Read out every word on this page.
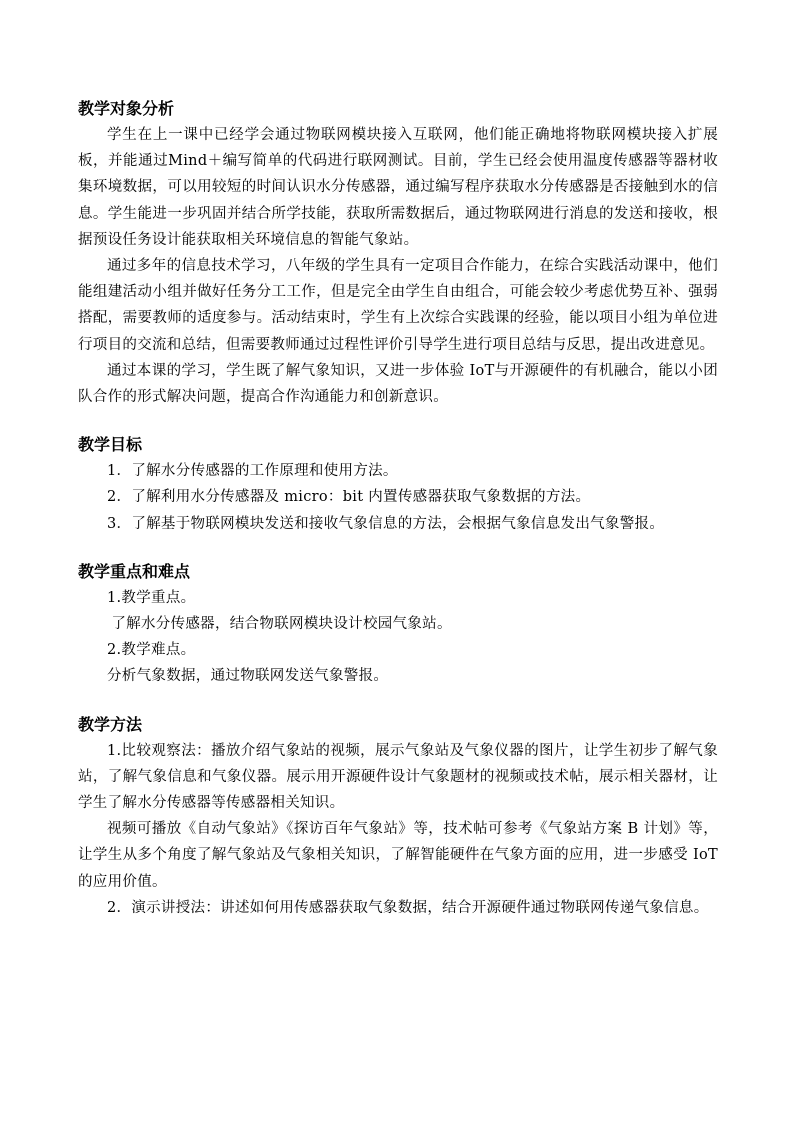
教学对象分析

学生在上一课中已经学会通过物联网模块接入互联网，他们能正确地将物联网模块接入扩展板，并能通过Mind＋编写简单的代码进行联网测试。目前，学生已经会使用温度传感器等器材收集环境数据，可以用较短的时间认识水分传感器，通过编写程序获取水分传感器是否接触到水的信息。学生能进一步巩固并结合所学技能，获取所需数据后，通过物联网进行消息的发送和接收，根据预设任务设计能获取相关环境信息的智能气象站。

通过多年的信息技术学习，八年级的学生具有一定项目合作能力，在综合实践活动课中，他们能组建活动小组并做好任务分工工作，但是完全由学生自由组合，可能会较少考虑优势互补、强弱搭配，需要教师的适度参与。活动结束时，学生有上次综合实践课的经验，能以项目小组为单位进行项目的交流和总结，但需要教师通过过程性评价引导学生进行项目总结与反思，提出改进意见。

通过本课的学习，学生既了解气象知识，又进一步体验 IoT与开源硬件的有机融合，能以小团队合作的形式解决问题，提高合作沟通能力和创新意识。

教学目标

1．了解水分传感器的工作原理和使用方法。

2．了解利用水分传感器及 micro：bit 内置传感器获取气象数据的方法。

3．了解基于物联网模块发送和接收气象信息的方法，会根据气象信息发出气象警报。

教学重点和难点

1.教学重点。

了解水分传感器，结合物联网模块设计校园气象站。

2.教学难点。

分析气象数据，通过物联网发送气象警报。

教学方法

1.比较观察法：播放介绍气象站的视频，展示气象站及气象仪器的图片，让学生初步了解气象站，了解气象信息和气象仪器。展示用开源硬件设计气象题材的视频或技术帖，展示相关器材，让学生了解水分传感器等传感器相关知识。

视频可播放《自动气象站》《探访百年气象站》等，技术帖可参考《气象站方案 B 计划》等，让学生从多个角度了解气象站及气象相关知识，了解智能硬件在气象方面的应用，进一步感受 IoT 的应用价值。

2．演示讲授法：讲述如何用传感器获取气象数据，结合开源硬件通过物联网传递气象信息。
